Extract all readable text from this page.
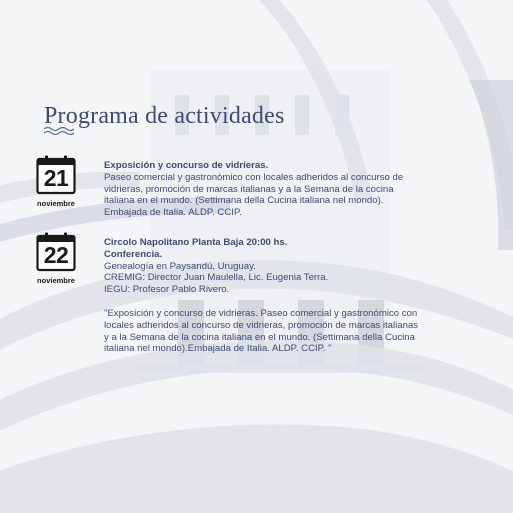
Programa de actividades
21
noviembre
Exposición y concurso de vidrieras.
Paseo comercial y gastronómico con locales adheridos al concurso de
vidrieras, promoción de marcas italianas y a la Semana de la cocina
italiana en el mundo. (Settimana della Cucina italiana nel mondo).
Embajada de Italia. ALDP. CCIP.
22
noviembre
Circolo Napolitano Planta Baja 20:00 hs.
Conferencia.
Genealogía en Paysandú, Uruguay.
CREMIG: Director Juan Maulella, Lic. Eugenia Terra.
IEGU: Profesor Pablo Rivero.
"Exposición y concurso de vidrieras. Paseo comercial y gastronómico con
locales adheridos al concurso de vidrieras, promoción de marcas italianas
y a la Semana de la cocina italiana en el mundo. (Settimana della Cucina
italiana nel mondo).Embajada de Italia. ALDP. CCIP. "
